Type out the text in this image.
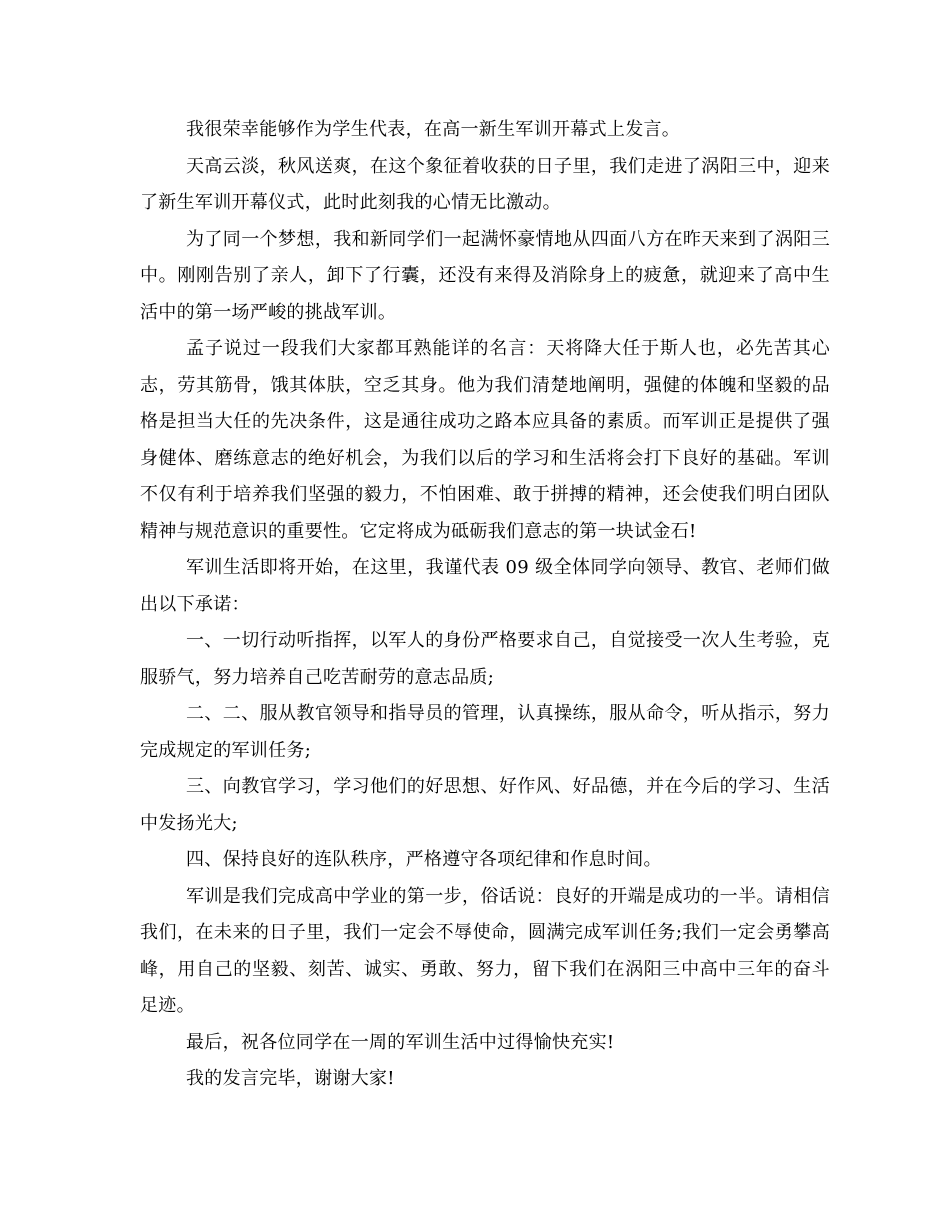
我很荣幸能够作为学生代表，在高一新生军训开幕式上发言。

天高云淡，秋风送爽，在这个象征着收获的日子里，我们走进了涡阳三中，迎来了新生军训开幕仪式，此时此刻我的心情无比激动。

为了同一个梦想，我和新同学们一起满怀豪情地从四面八方在昨天来到了涡阳三中。刚刚告别了亲人，卸下了行囊，还没有来得及消除身上的疲惫，就迎来了高中生活中的第一场严峻的挑战军训。

孟子说过一段我们大家都耳熟能详的名言：天将降大任于斯人也，必先苦其心志，劳其筋骨，饿其体肤，空乏其身。他为我们清楚地阐明，强健的体魄和坚毅的品格是担当大任的先决条件，这是通往成功之路本应具备的素质。而军训正是提供了强身健体、磨练意志的绝好机会，为我们以后的学习和生活将会打下良好的基础。军训不仅有利于培养我们坚强的毅力，不怕困难、敢于拼搏的精神，还会使我们明白团队精神与规范意识的重要性。它定将成为砥砺我们意志的第一块试金石!

军训生活即将开始，在这里，我谨代表 09 级全体同学向领导、教官、老师们做出以下承诺：

一、一切行动听指挥，以军人的身份严格要求自己，自觉接受一次人生考验，克服骄气，努力培养自己吃苦耐劳的意志品质;

二、二、服从教官领导和指导员的管理，认真操练，服从命令，听从指示，努力完成规定的军训任务;

三、向教官学习，学习他们的好思想、好作风、好品德，并在今后的学习、生活中发扬光大;

四、保持良好的连队秩序，严格遵守各项纪律和作息时间。

军训是我们完成高中学业的第一步，俗话说：良好的开端是成功的一半。请相信我们，在未来的日子里，我们一定会不辱使命，圆满完成军训任务;我们一定会勇攀高峰，用自己的坚毅、刻苦、诚实、勇敢、努力，留下我们在涡阳三中高中三年的奋斗足迹。

最后，祝各位同学在一周的军训生活中过得愉快充实!

我的发言完毕，谢谢大家!
